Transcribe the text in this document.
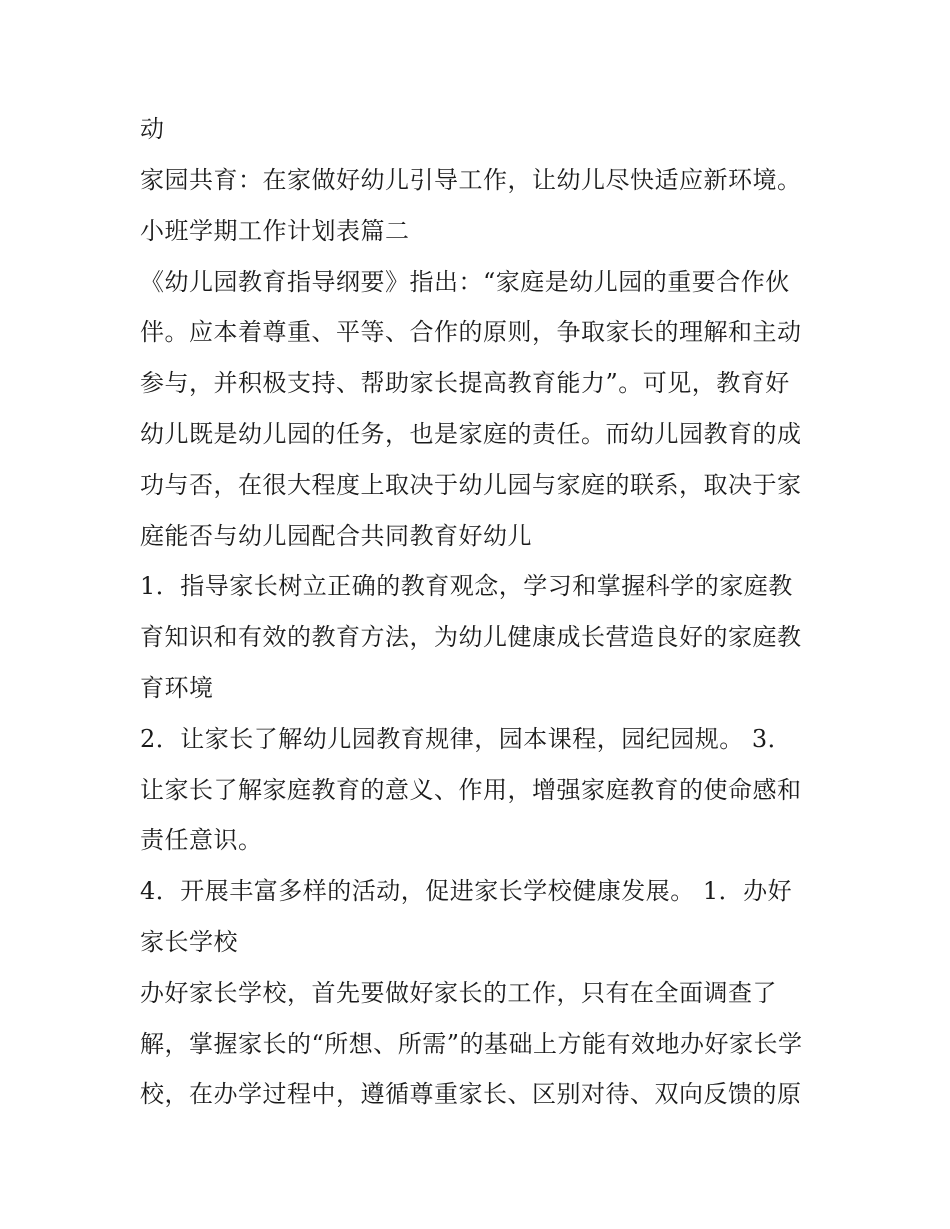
动
家园共育：在家做好幼儿引导工作，让幼儿尽快适应新环境。
小班学期工作计划表篇二
《幼儿园教育指导纲要》指出：“家庭是幼儿园的重要合作伙
伴。应本着尊重、平等、合作的原则，争取家长的理解和主动
参与，并积极支持、帮助家长提高教育能力”。可见，教育好
幼儿既是幼儿园的任务，也是家庭的责任。而幼儿园教育的成
功与否，在很大程度上取决于幼儿园与家庭的联系，取决于家
庭能否与幼儿园配合共同教育好幼儿
1．指导家长树立正确的教育观念，学习和掌握科学的家庭教
育知识和有效的教育方法，为幼儿健康成长营造良好的家庭教
育环境
2．让家长了解幼儿园教育规律，园本课程，园纪园规。 3．
让家长了解家庭教育的意义、作用，增强家庭教育的使命感和
责任意识。
4．开展丰富多样的活动，促进家长学校健康发展。 1．办好
家长学校
办好家长学校，首先要做好家长的工作，只有在全面调查了
解，掌握家长的“所想、所需”的基础上方能有效地办好家长学
校，在办学过程中，遵循尊重家长、区别对待、双向反馈的原
